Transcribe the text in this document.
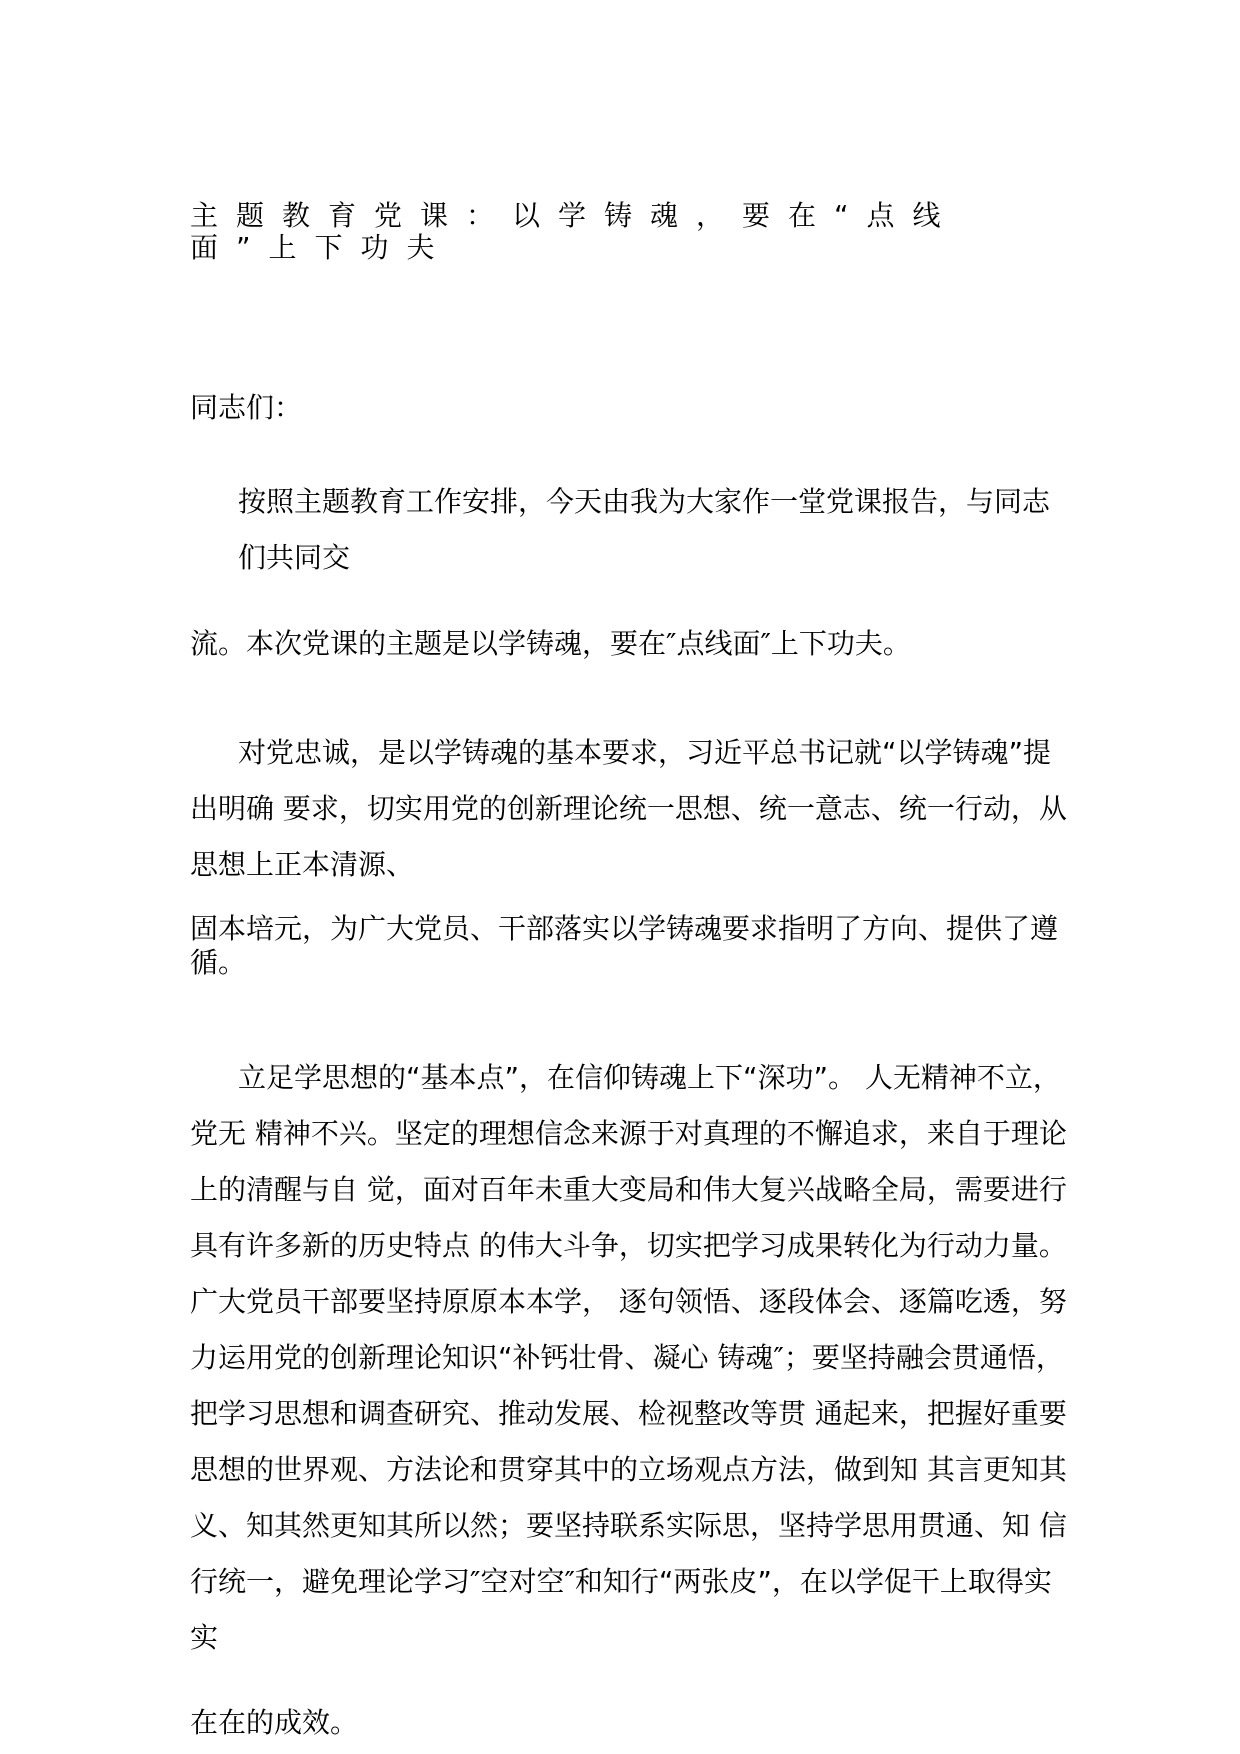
主题教育党课：以学铸魂，要在“点线面”上下功夫

同志们：

按照主题教育工作安排，今天由我为大家作一堂党课报告，与同志们共同交

流。本次党课的主题是以学铸魂，要在″点线面″上下功夫。

对党忠诚，是以学铸魂的基本要求，习近平总书记就“以学铸魂”提出明确 要求，切实用党的创新理论统一思想、统一意志、统一行动，从思想上正本清源、

固本培元，为广大党员、干部落实以学铸魂要求指明了方向、提供了遵循。

立足学思想的“基本点”，在信仰铸魂上下“深功”。 人无精神不立，党无 精神不兴。坚定的理想信念来源于对真理的不懈追求，来自于理论上的清醒与自 觉，面对百年未重大变局和伟大复兴战略全局，需要进行具有许多新的历史特点 的伟大斗争，切实把学习成果转化为行动力量。广大党员干部要坚持原原本本学， 逐句领悟、逐段体会、逐篇吃透，努力运用党的创新理论知识“补钙壮骨、凝心 铸魂″；要坚持融会贯通悟，把学习思想和调查研究、推动发展、检视整改等贯 通起来，把握好重要思想的世界观、方法论和贯穿其中的立场观点方法，做到知 其言更知其义、知其然更知其所以然；要坚持联系实际思，坚持学思用贯通、知 信行统一，避免理论学习″空对空″和知行“两张皮”，在以学促干上取得实实

在在的成效。
